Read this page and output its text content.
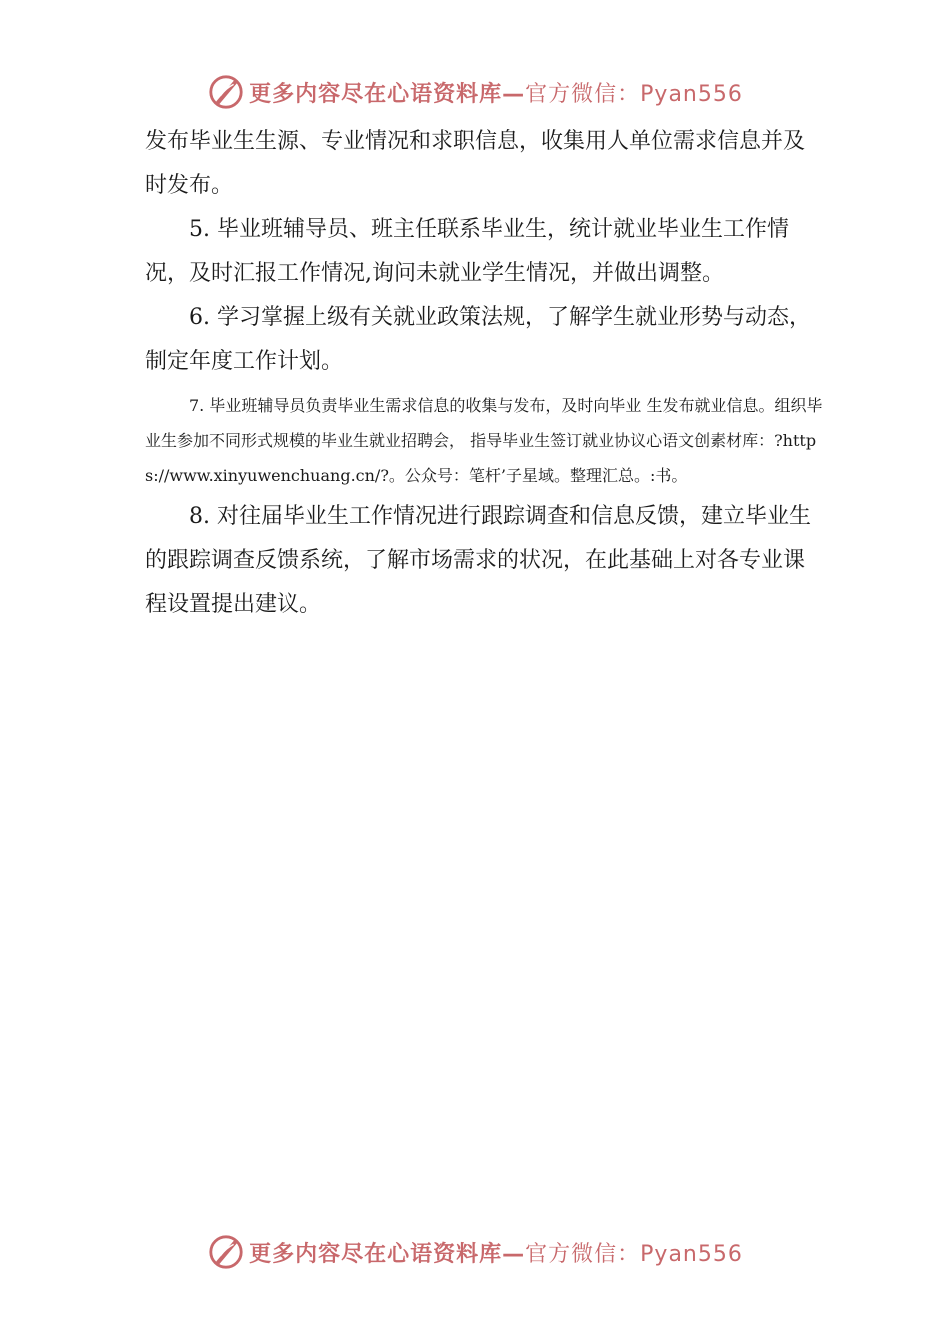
更多内容尽在心语资料库—官方微信：Pyan556

发布毕业生生源、专业情况和求职信息，收集用人单位需求信息并及时发布。

5. 毕业班辅导员、班主任联系毕业生，统计就业毕业生工作情况，及时汇报工作情况,询问未就业学生情况，并做出调整。

6. 学习掌握上级有关就业政策法规，了解学生就业形势与动态，制定年度工作计划。

7. 毕业班辅导员负责毕业生需求信息的收集与发布，及时向毕业 生发布就业信息。组织毕业生参加不同形式规模的毕业生就业招聘会， 指导毕业生签订就业协议心语文创素材库：?https://www.xinyuwenchuang.cn/?。公众号：笔杆’子星域。整理汇总。:书。

8. 对往届毕业生工作情况进行跟踪调查和信息反馈，建立毕业生的跟踪调查反馈系统，了解市场需求的状况，在此基础上对各专业课程设置提出建议。

更多内容尽在心语资料库—官方微信：Pyan556
